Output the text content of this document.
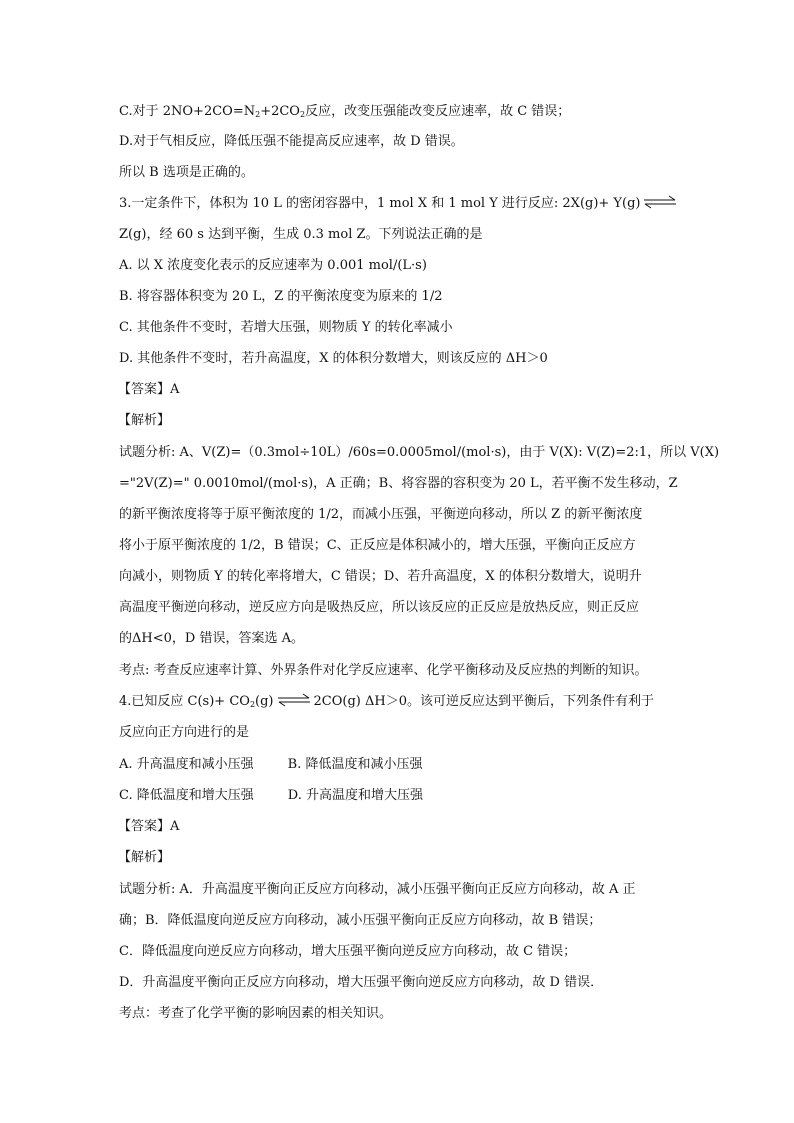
C.对于 $2NO+2CO=N_2+2CO_2$反应，改变压强能改变反应速率，故 C 错误；
D.对于气相反应，降低压强不能提高反应速率，故 D 错误。
所以 B 选项是正确的。
3.一定条件下，体积为 10 L 的密闭容器中，1 mol X 和 1 mol Y 进行反应: 2X(g)+ Y(g) ⇌
Z(g)，经 60 s 达到平衡，生成 0.3 mol Z。下列说法正确的是
A. 以 X 浓度变化表示的反应速率为 0.001 mol/(L·s)
B. 将容器体积变为 20 L，Z 的平衡浓度变为原来的 1/2
C. 其他条件不变时，若增大压强，则物质 Y 的转化率减小
D. 其他条件不变时，若升高温度，X 的体积分数增大，则该反应的 ΔH＞0
【答案】A
【解析】
试题分析: A、V(Z)=（0.3mol÷10L）/60s=0.0005mol/(mol·s)，由于 V(X): V(Z)=2:1，所以 V(X)
="2V(Z)=" 0.0010mol/(mol·s)，A 正确；B、将容器的容积变为 20 L，若平衡不发生移动，Z
的新平衡浓度将等于原平衡浓度的 1/2，而减小压强，平衡逆向移动，所以 Z 的新平衡浓度
将小于原平衡浓度的 1/2，B 错误；C、正反应是体积减小的，增大压强，平衡向正反应方
向减小，则物质 Y 的转化率将增大，C 错误；D、若升高温度，X 的体积分数增大，说明升
高温度平衡逆向移动，逆反应方向是吸热反应，所以该反应的正反应是放热反应，则正反应
的ΔH<0，D 错误，答案选 A。
考点: 考查反应速率计算、外界条件对化学反应速率、化学平衡移动及反应热的判断的知识。
4.已知反应 $C(s)+ CO_2(g)$ ⇌ 2CO(g) ΔH＞0。该可逆反应达到平衡后，下列条件有利于
反应向正方向进行的是
A. 升高温度和减小压强	B. 降低温度和减小压强
C. 降低温度和增大压强	D. 升高温度和增大压强
【答案】A
【解析】
试题分析: A．升高温度平衡向正反应方向移动，减小压强平衡向正反应方向移动，故 A 正
确；B．降低温度向逆反应方向移动，减小压强平衡向正反应方向移动，故 B 错误；
C．降低温度向逆反应方向移动，增大压强平衡向逆反应方向移动，故 C 错误；
D．升高温度平衡向正反应方向移动，增大压强平衡向逆反应方向移动，故 D 错误．
考点：考查了化学平衡的影响因素的相关知识。
